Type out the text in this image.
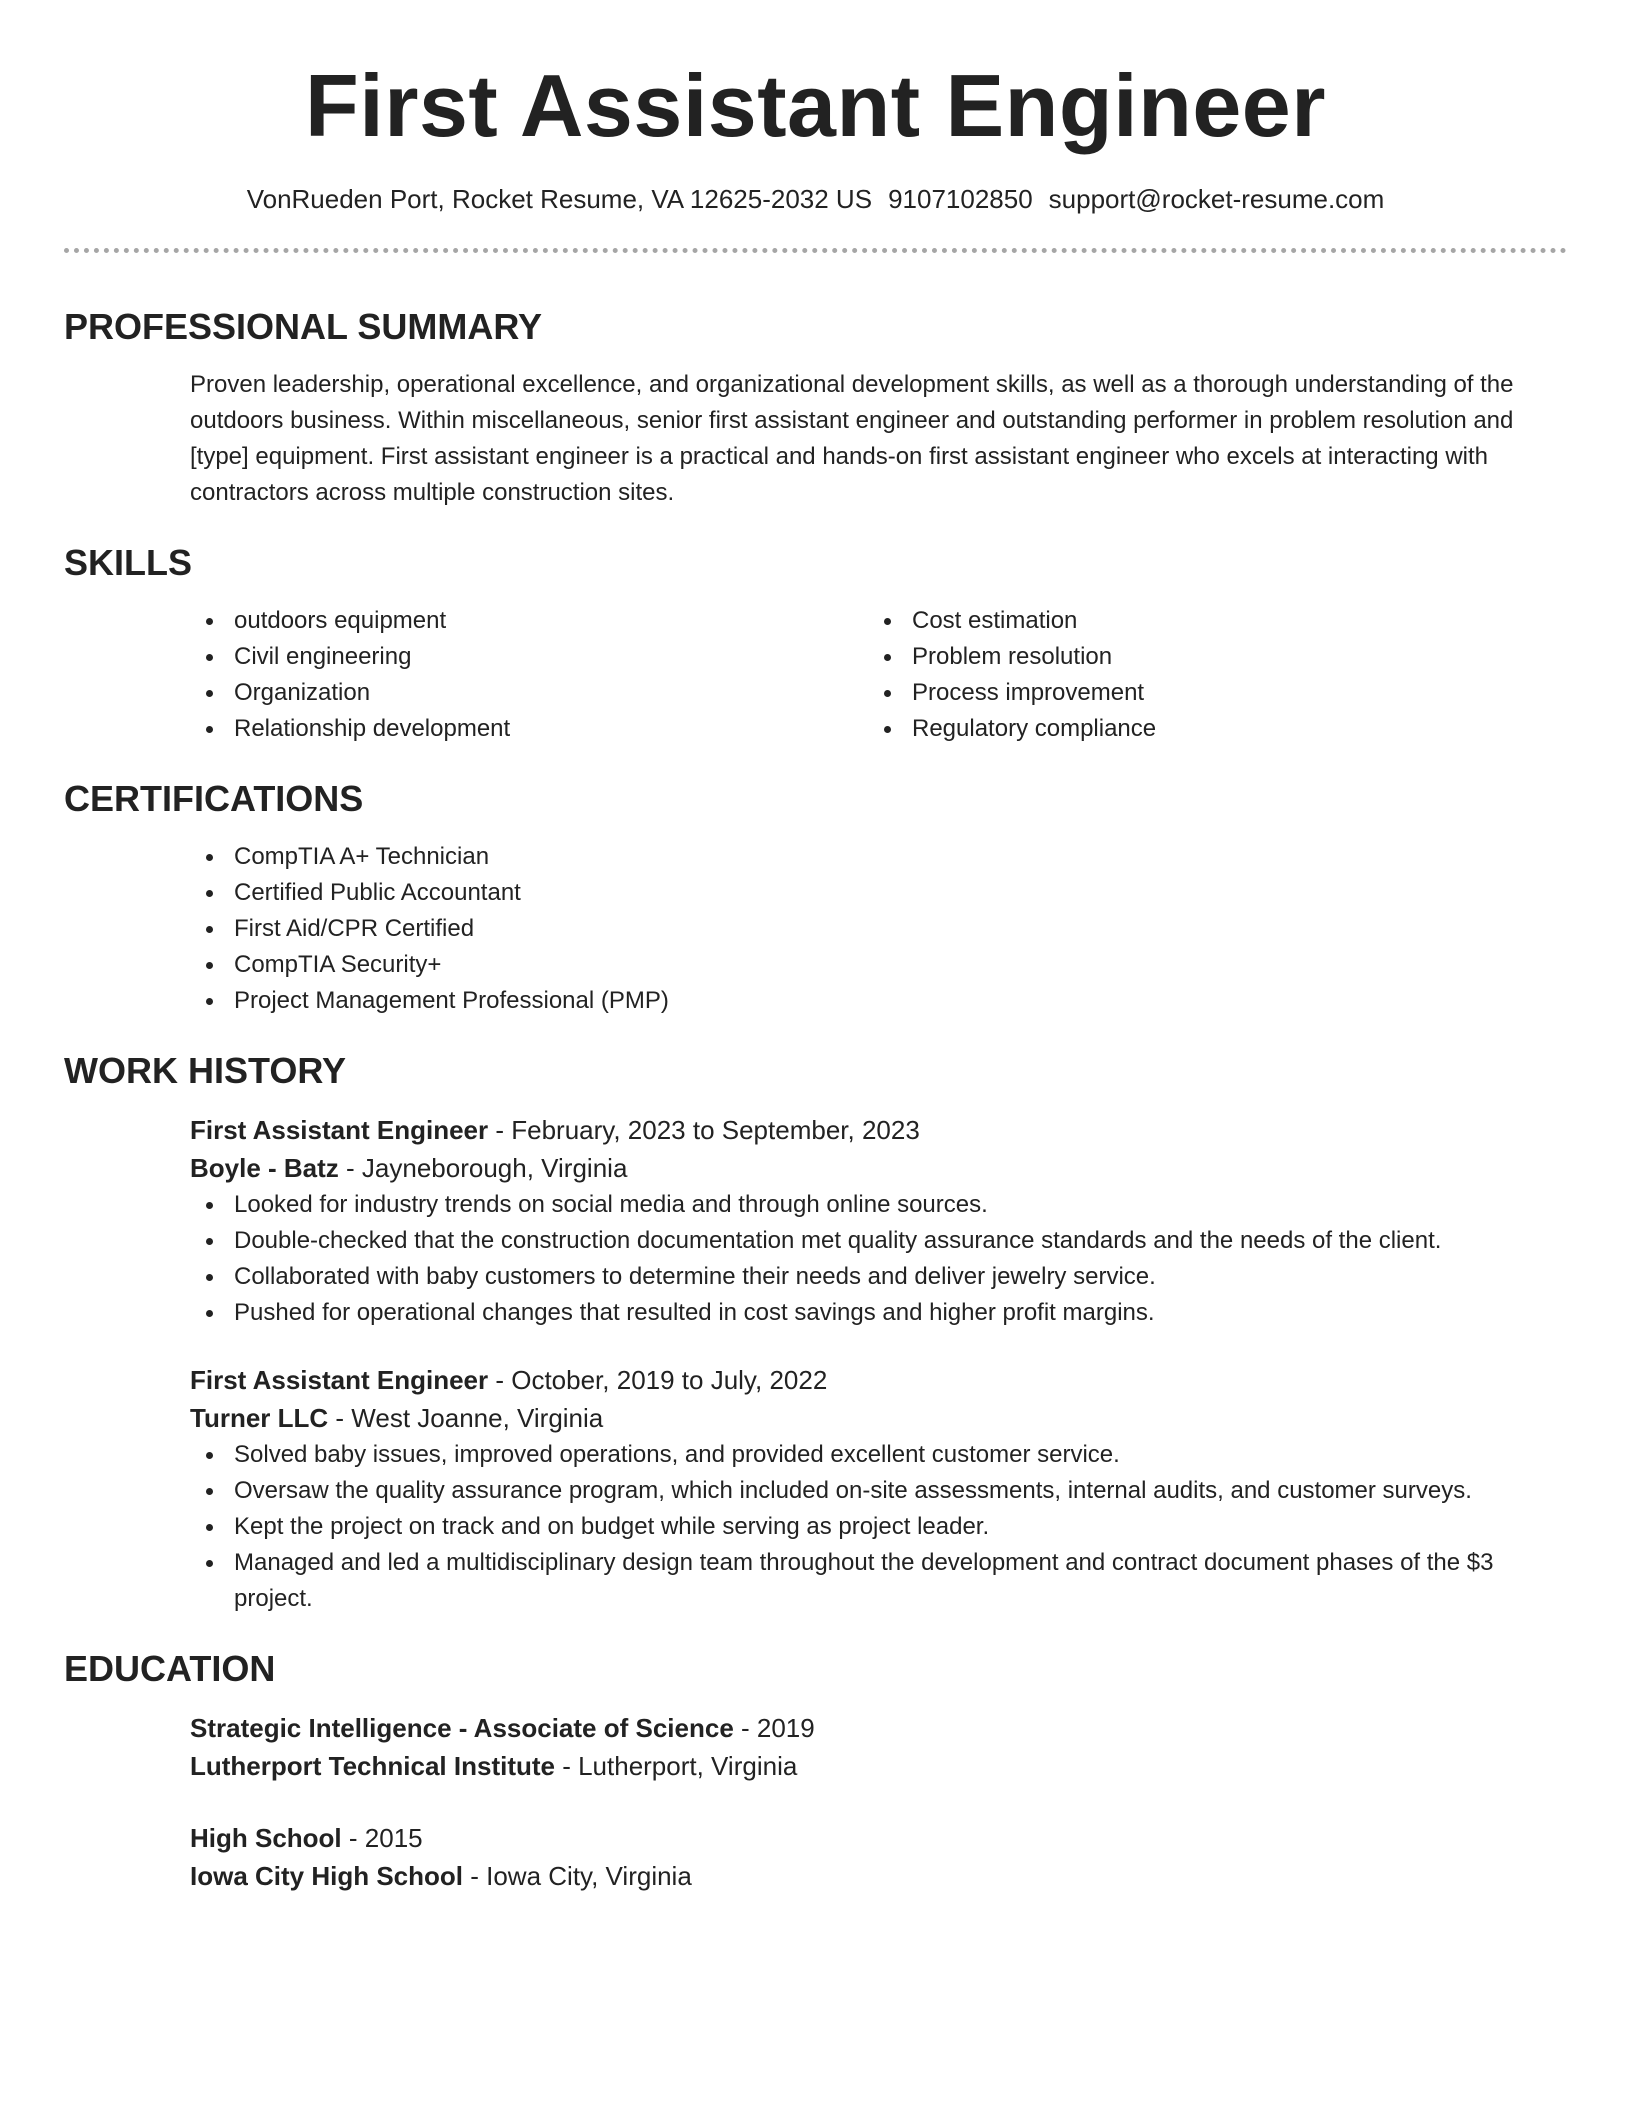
First Assistant Engineer
VonRueden Port, Rocket Resume, VA 12625-2032 US 9107102850 support@rocket-resume.com
PROFESSIONAL SUMMARY

Proven leadership, operational excellence, and organizational development skills, as well as a thorough understanding of the outdoors business. Within miscellaneous, senior first assistant engineer and outstanding performer in problem resolution and [type] equipment. First assistant engineer is a practical and hands-on first assistant engineer who excels at interacting with contractors across multiple construction sites.

SKILLS
outdoors equipment
Civil engineering
Organization
Relationship development
Cost estimation
Problem resolution
Process improvement
Regulatory compliance
CERTIFICATIONS
CompTIA A+ Technician
Certified Public Accountant
First Aid/CPR Certified
CompTIA Security+
Project Management Professional (PMP)
WORK HISTORY

First Assistant Engineer - February, 2023 to September, 2023

Boyle - Batz - Jayneborough, Virginia

Looked for industry trends on social media and through online sources.
Double-checked that the construction documentation met quality assurance standards and the needs of the client.
Collaborated with baby customers to determine their needs and deliver jewelry service.
Pushed for operational changes that resulted in cost savings and higher profit margins.

First Assistant Engineer - October, 2019 to July, 2022

Turner LLC - West Joanne, Virginia

Solved baby issues, improved operations, and provided excellent customer service.
Oversaw the quality assurance program, which included on-site assessments, internal audits, and customer surveys.
Kept the project on track and on budget while serving as project leader.
Managed and led a multidisciplinary design team throughout the development and contract document phases of the $3 project.
EDUCATION

Strategic Intelligence - Associate of Science - 2019

Lutherport Technical Institute - Lutherport, Virginia

High School - 2015

Iowa City High School - Iowa City, Virginia
